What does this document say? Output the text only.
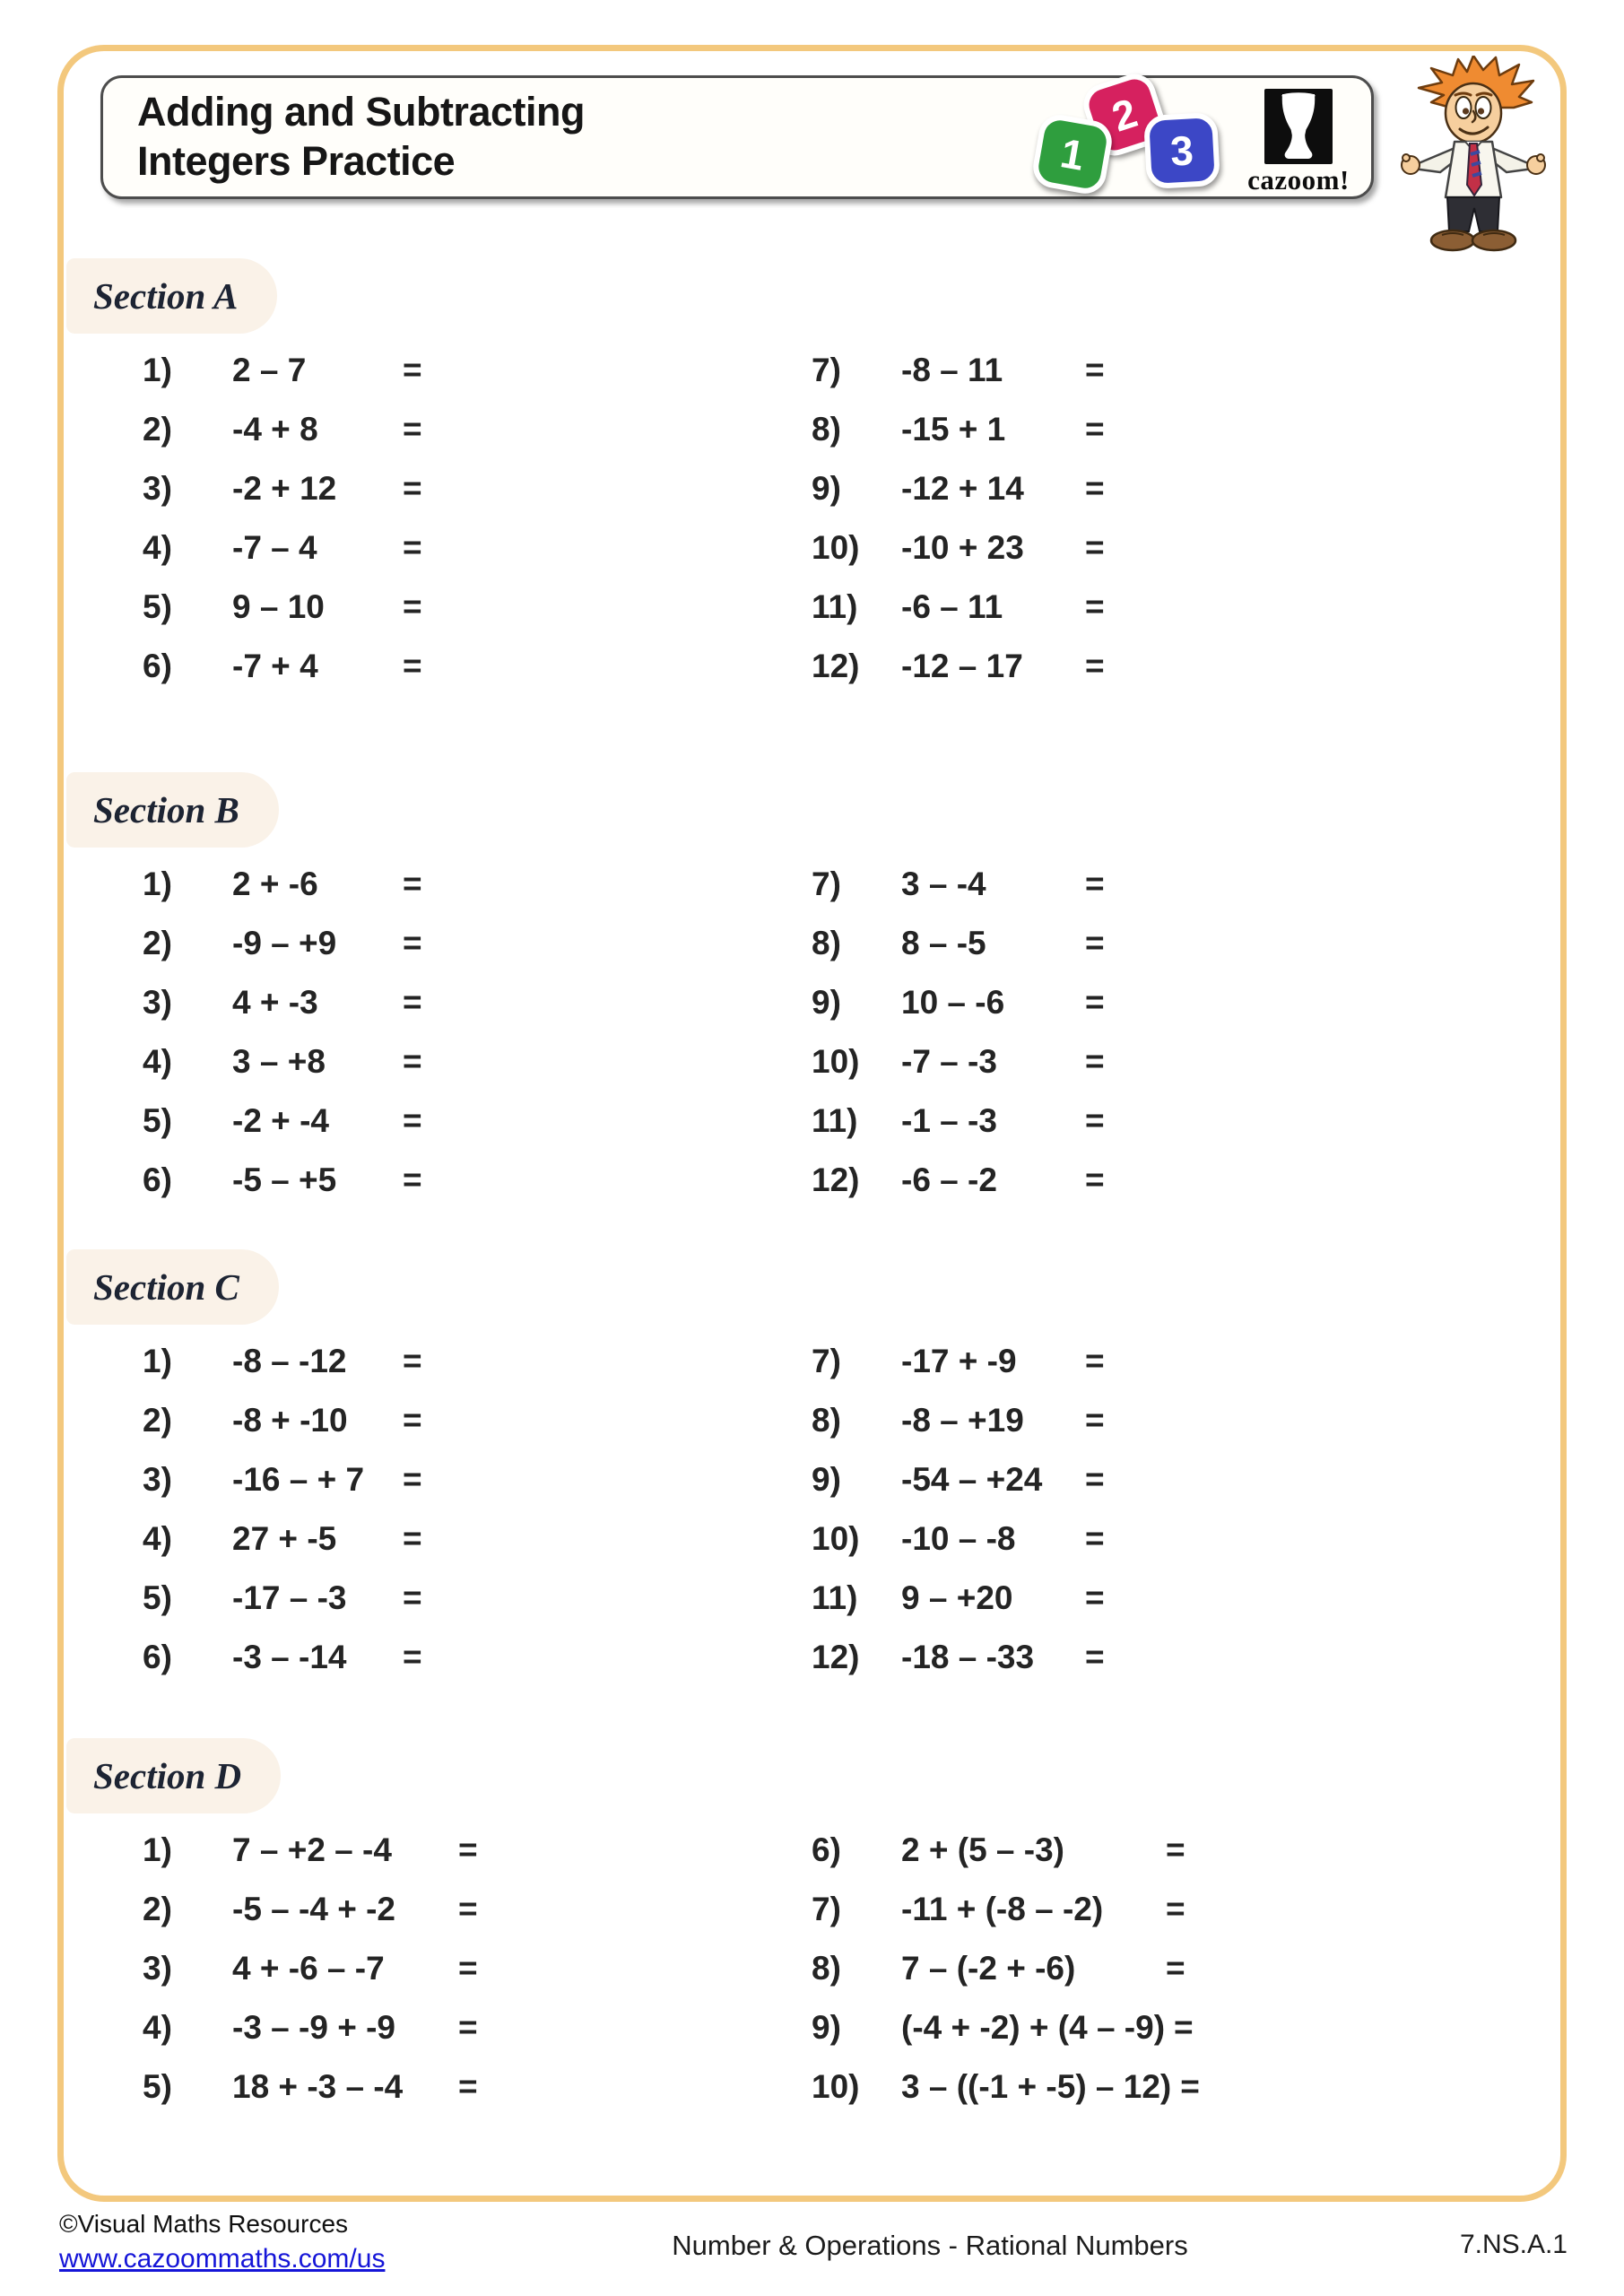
Adding and Subtracting
Integers Practice	1
2
3
cazoom!
Section A
1)	2 – 7	=
2)	-4 + 8	=
3)	-2 + 12	=
4)	-7 – 4	=
5)	9 – 10	=
6)	-7 + 4	=
7)	-8 – 11	=
8)	-15 + 1	=
9)	-12 + 14	=
10)	-10 + 23	=
11)	-6 – 11	=
12)	-12 – 17	=
Section B
1)	2 + -6	=
2)	-9 – +9	=
3)	4 + -3	=
4)	3 – +8	=
5)	-2 + -4	=
6)	-5 – +5	=
7)	3 – -4	=
8)	8 – -5	=
9)	10 – -6	=
10)	-7 – -3	=
11)	-1 – -3	=
12)	-6 – -2	=
Section C
1)	-8 – -12	=
2)	-8 + -10	=
3)	-16 – + 7	=
4)	27 + -5	=
5)	-17 – -3	=
6)	-3 – -14	=
7)	-17 + -9	=
8)	-8 – +19	=
9)	-54 – +24	=
10)	-10 – -8	=
11)	9 – +20	=
12)	-18 – -33	=
Section D
1)	7 – +2 – -4	=
2)	-5 – -4 + -2	=
3)	4 + -6 – -7	=
4)	-3 – -9 + -9	=
5)	18 + -3 – -4	=
6)	2 + (5 – -3)	=
7)	-11 + (-8 – -2)	=
8)	7 – (-2 + -6)	=
9)	(-4 + -2) + (4 – -9) =
10)	3 – ((-1 + -5) – 12) =
©Visual Maths Resources
www.cazoommaths.com/us	Number & Operations - Rational Numbers	7.NS.A.1
